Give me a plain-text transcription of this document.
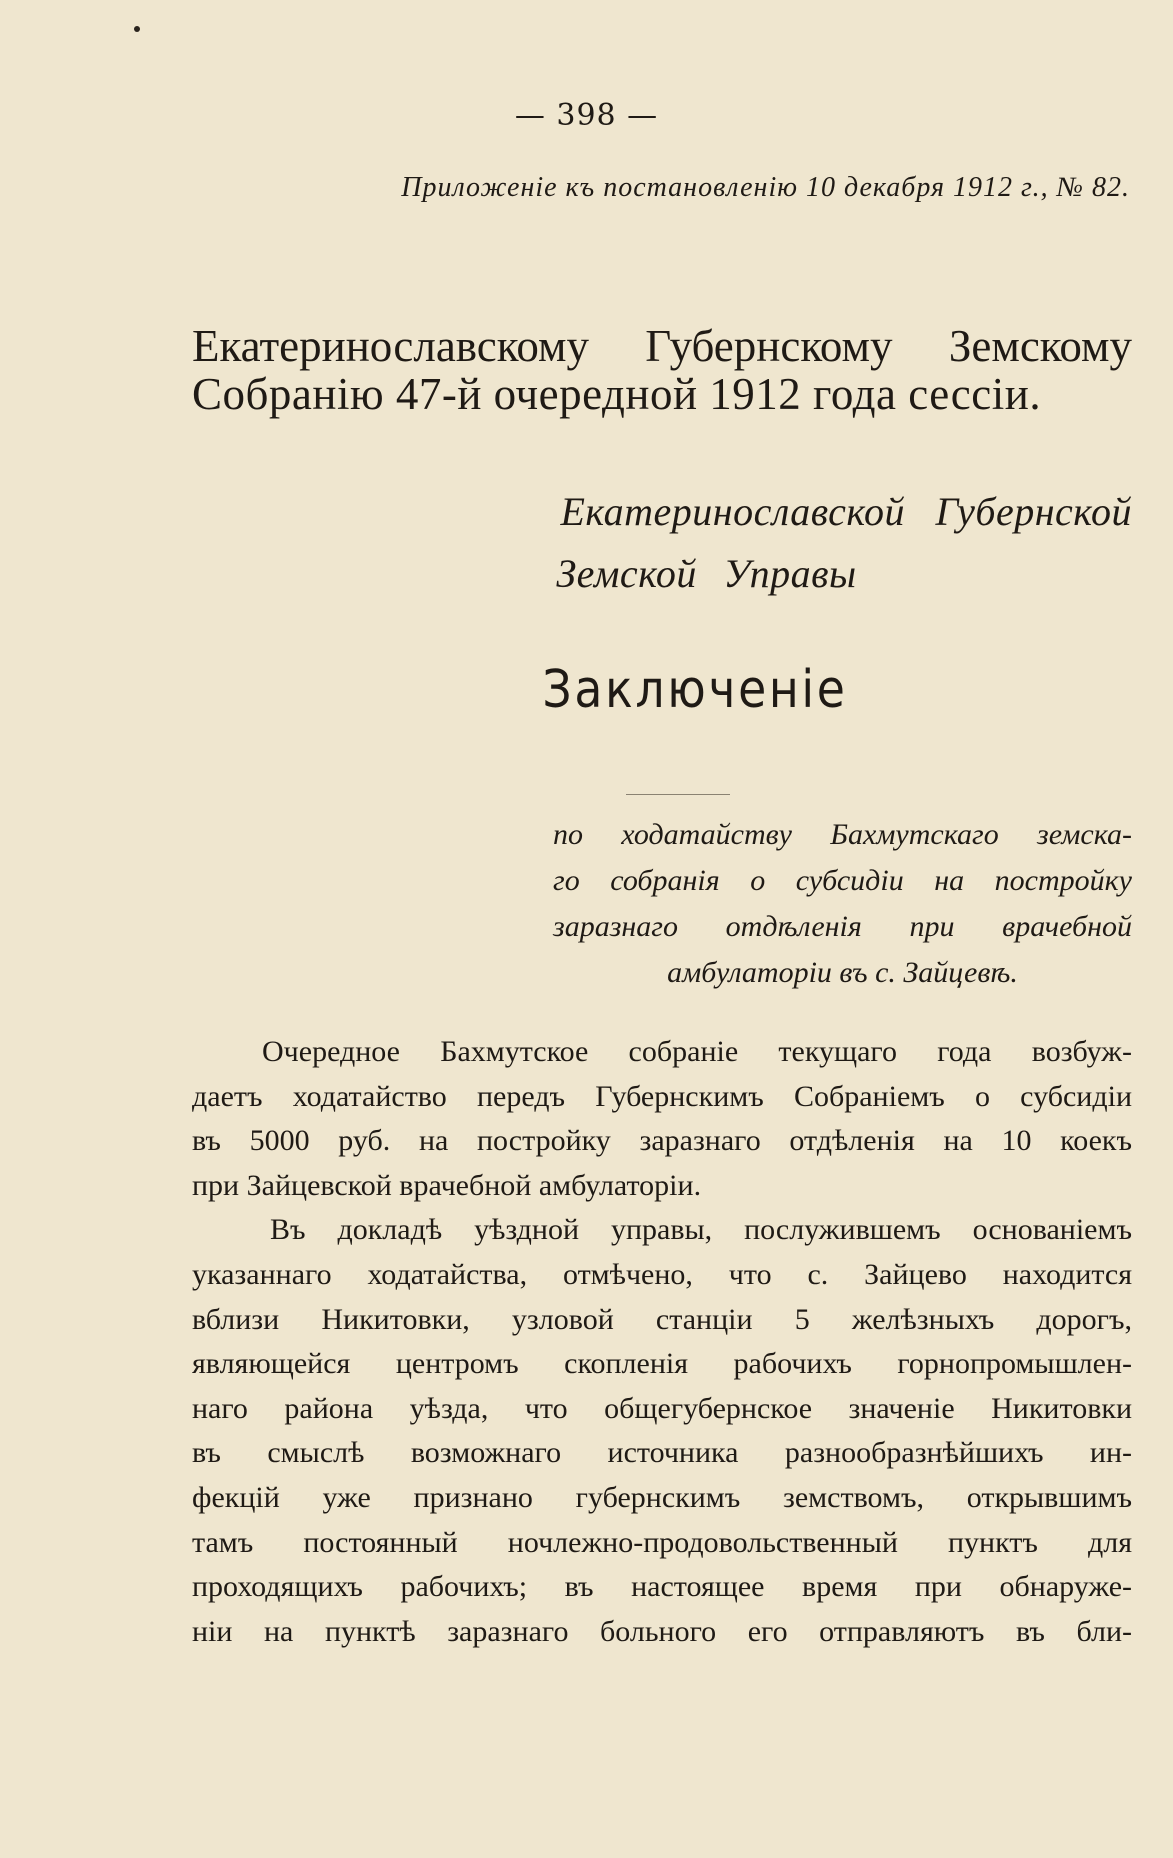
— 398 —
Приложенiе къ постановленiю 10 декабря 1912 г., № 82.
Екатеринославскому Губернскому Земскому
Собранiю 47-й очередной 1912 года сессiи.
Екатеринославской Губернской
Земской Управы
Заключенiе
по ходатайству Бахмутскаго земска-
го собранiя о субсидiи на постройку
заразнаго отдѣленiя при врачебной
амбулаторiи въ с. Зайцевѣ.
Очередное Бахмутское собранiе текущаго года возбуж-
даетъ ходатайство передъ Губернскимъ Собранiемъ о субсидiи
въ 5000 руб. на постройку заразнаго отдѣленiя на 10 коекъ
при Зайцевской врачебной амбулаторiи.
Въ докладѣ уѣздной управы, послужившемъ основанiемъ
указаннаго ходатайства, отмѣчено, что с. Зайцево находится
вблизи Никитовки, узловой станцiи 5 желѣзныхъ дорогъ,
являющейся центромъ скопленiя рабочихъ горнопромышлен-
наго района уѣзда, что общегубернское значенiе Никитовки
въ смыслѣ возможнаго источника разнообразнѣйшихъ ин-
фекцiй уже признано губернскимъ земствомъ, открывшимъ
тамъ постоянный ночлежно-продовольственный пунктъ для
проходящихъ рабочихъ; въ настоящее время при обнаруже-
нiи на пунктѣ заразнаго больного его отправляютъ въ бли-
